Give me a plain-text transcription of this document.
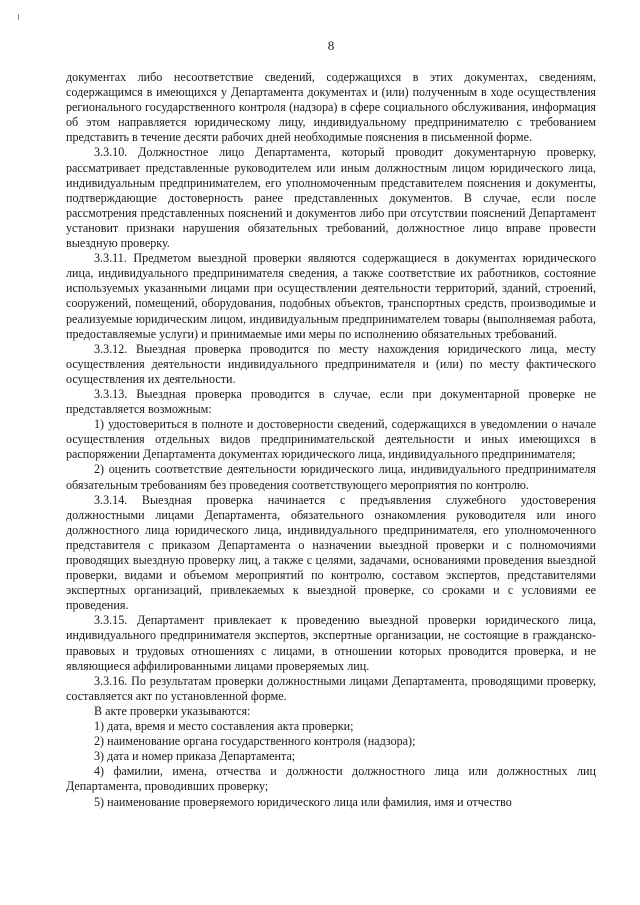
8

документах либо несоответствие сведений, содержащихся в этих документах, сведениям, содержащимся в имеющихся у Департамента документах и (или) полученным в ходе осуществления регионального государственного контроля (надзора) в сфере социального обслуживания, информация об этом направляется юридическому лицу, индивидуальному предпринимателю с требованием представить в течение десяти рабочих дней необходимые пояснения в письменной форме.

3.3.10. Должностное лицо Департамента, который проводит документарную проверку, рассматривает представленные руководителем или иным должностным лицом юридического лица, индивидуальным предпринимателем, его уполномоченным представителем пояснения и документы, подтверждающие достоверность ранее представленных документов. В случае, если после рассмотрения представленных пояснений и документов либо при отсутствии пояснений Департамент установит признаки нарушения обязательных требований, должностное лицо вправе провести выездную проверку.

3.3.11. Предметом выездной проверки являются содержащиеся в документах юридического лица, индивидуального предпринимателя сведения, а также соответствие их работников, состояние используемых указанными лицами при осуществлении деятельности территорий, зданий, строений, сооружений, помещений, оборудования, подобных объектов, транспортных средств, производимые и реализуемые юридическим лицом, индивидуальным предпринимателем товары (выполняемая работа, предоставляемые услуги) и принимаемые ими меры по исполнению обязательных требований.

3.3.12. Выездная проверка проводится по месту нахождения юридического лица, месту осуществления деятельности индивидуального предпринимателя и (или) по месту фактического осуществления их деятельности.

3.3.13. Выездная проверка проводится в случае, если при документарной проверке не представляется возможным:

1) удостовериться в полноте и достоверности сведений, содержащихся в уведомлении о начале осуществления отдельных видов предпринимательской деятельности и иных имеющихся в распоряжении Департамента документах юридического лица, индивидуального предпринимателя;

2) оценить соответствие деятельности юридического лица, индивидуального предпринимателя обязательным требованиям без проведения соответствующего мероприятия по контролю.

3.3.14. Выездная проверка начинается с предъявления служебного удостоверения должностными лицами Департамента, обязательного ознакомления руководителя или иного должностного лица юридического лица, индивидуального предпринимателя, его уполномоченного представителя с приказом Департамента о назначении выездной проверки и с полномочиями проводящих выездную проверку лиц, а также с целями, задачами, основаниями проведения выездной проверки, видами и объемом мероприятий по контролю, составом экспертов, представителями экспертных организаций, привлекаемых к выездной проверке, со сроками и с условиями ее проведения.

3.3.15. Департамент привлекает к проведению выездной проверки юридического лица, индивидуального предпринимателя экспертов, экспертные организации, не состоящие в гражданско-правовых и трудовых отношениях с лицами, в отношении которых проводится проверка, и не являющиеся аффилированными лицами проверяемых лиц.

3.3.16. По результатам проверки должностными лицами Департамента, проводящими проверку, составляется акт по установленной форме.

В акте проверки указываются:

1) дата, время и место составления акта проверки;

2) наименование органа государственного контроля (надзора);

3) дата и номер приказа Департамента;

4) фамилии, имена, отчества и должности должностного лица или должностных лиц Департамента, проводивших проверку;

5) наименование проверяемого юридического лица или фамилия, имя и отчество
